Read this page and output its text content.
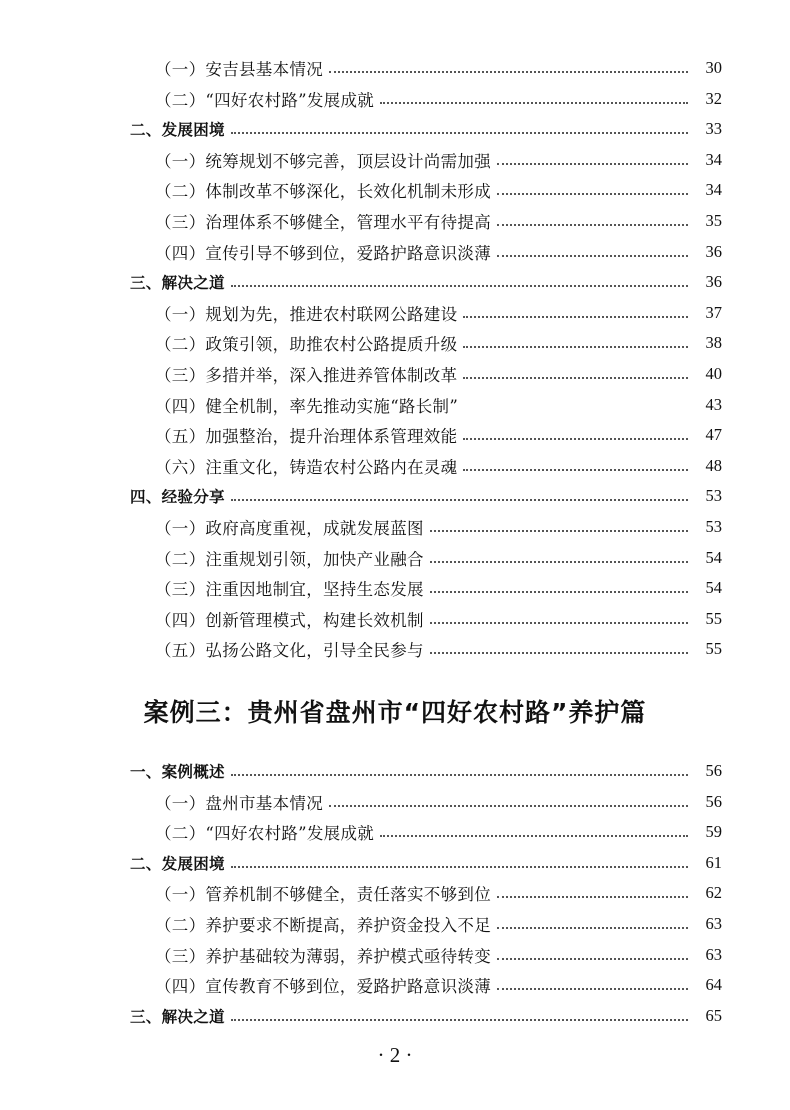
（一）安吉县基本情况	30
（二）“四好农村路”发展成就	32
二、发展困境	33
（一）统筹规划不够完善，顶层设计尚需加强	34
（二）体制改革不够深化，长效化机制未形成	34
（三）治理体系不够健全，管理水平有待提高	35
（四）宣传引导不够到位，爱路护路意识淡薄	36
三、解决之道	36
（一）规划为先，推进农村联网公路建设	37
（二）政策引领，助推农村公路提质升级	38
（三）多措并举，深入推进养管体制改革	40
（四）健全机制，率先推动实施“路长制”	43
（五）加强整治，提升治理体系管理效能	47
（六）注重文化，铸造农村公路内在灵魂	48
四、经验分享	53
（一）政府高度重视，成就发展蓝图	53
（二）注重规划引领，加快产业融合	54
（三）注重因地制宜，坚持生态发展	54
（四）创新管理模式，构建长效机制	55
（五）弘扬公路文化，引导全民参与	55
案例三：贵州省盘州市“四好农村路”养护篇
一、案例概述	56
（一）盘州市基本情况	56
（二）“四好农村路”发展成就	59
二、发展困境	61
（一）管养机制不够健全，责任落实不够到位	62
（二）养护要求不断提高，养护资金投入不足	63
（三）养护基础较为薄弱，养护模式亟待转变	63
（四）宣传教育不够到位，爱路护路意识淡薄	64
三、解决之道	65
· 2 ·
